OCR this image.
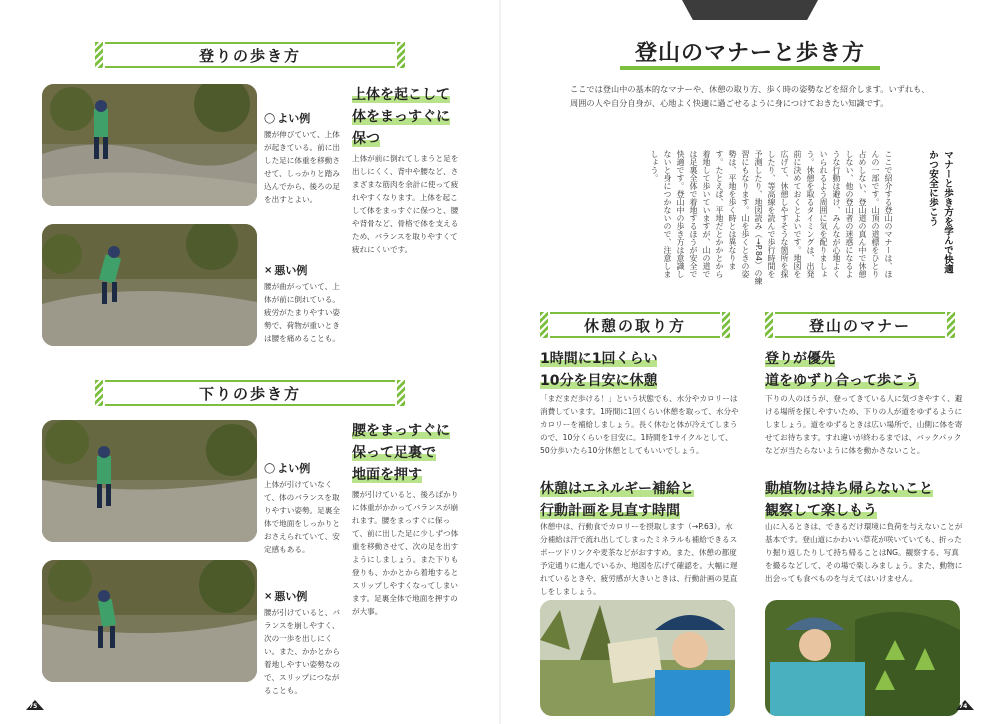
登りの歩き方
◯ よい例
腰が伸びていて、上体が起きている。前に出した足に体重を移動させて、しっかりと踏み込んでから、後ろの足を出すとよい。
× 悪い例
腰が曲がっていて、上体が前に倒れている。疲労がたまりやすい姿勢で、荷物が重いときは腰を痛めることも。
上体を起こして
体をまっすぐに
保つ
上体が前に倒れてしまうと足を出しにくく、背中や腰など、さまざまな筋肉を余計に使って疲れやすくなります。上体を起こして体をまっすぐに保つと、腰や背骨など、骨格で体を支えるため、バランスを取りやすくて疲れにくいです。
下りの歩き方
◯ よい例
上体が引けていなくて、体のバランスを取りやすい姿勢。足裏全体で地面をしっかりとおさえられていて、安定感もある。
× 悪い例
腰が引けていると、バランスを崩しやすく、次の一歩を出しにくい。また、かかとから着地しやすい姿勢なので、スリップにつながることも。
腰をまっすぐに
保って足裏で
地面を押す
腰が引けていると、後ろばかりに体重がかかってバランスが崩れます。腰をまっすぐに保って、前に出した足に少しずつ体重を移動させて、次の足を出すようにしましょう。また下りも登りも、かかとから着地するとスリップしやすくなってしまいます。足裏全体で地面を押すのが大事。
75
登山のマナーと歩き方
ここでは登山中の基本的なマナーや、休憩の取り方、歩く時の姿勢などを紹介します。いずれも、周囲の人や自分自身が、心地よく快適に過ごせるように身につけておきたい知識です。
マナーと歩き方を学んで快適かつ安全に歩こう
ここで紹介する登山のマナーは、ほんの一部です。山頂の道標をひとり占めしない、登山道の真ん中で休憩しない、他の登山者の迷惑になるような行動は避け、みんなが心地よくいられるよう周囲に気を配りましょう。休憩を取るタイミングは、出発前に決めておくとよいです。地図を広げて、休憩しやすそうな箇所を探したり、等高線を読んで歩行時間を予測したり、地図読み（→P.84）の練習にもなります。山を歩くときの姿勢は、平地を歩く時とは異なります。たとえば、平地だとかかとから着地して歩いていますが、山の道では足裏全体で着地するほうが安全で快適です。登山中の歩き方は意識しないと身につかないので、注意しましょう。
休憩の取り方	登山のマナー
1時間に1回くらい
10分を目安に休憩
「まだまだ歩ける！」という状態でも、水分やカロリーは消費しています。1時間に1回くらい休憩を取って、水分やカロリーを補給しましょう。長く休むと体が冷えてしまうので、10分くらいを目安に。1時間を1サイクルとして、50分歩いたら10分休憩としてもいいでしょう。
休憩はエネルギー補給と
行動計画を見直す時間
休憩中は、行動食でカロリーを摂取します（→P.63）。水分補給は汗で流れ出してしまったミネラルも補給できるスポーツドリンクや麦茶などがおすすめ。また、休憩の都度予定通りに進んでいるか、地図を広げて確認を。大幅に遅れているときや、疲労感が大きいときは、行動計画の見直しをしましょう。
登りが優先
道をゆずり合って歩こう
下りの人のほうが、登ってきている人に気づきやすく、避ける場所を探しやすいため、下りの人が道をゆずるようにしましょう。道をゆずるときは広い場所で、山側に体を寄せてお待ちます。すれ違いが終わるまでは、バックパックなどが当たらないように体を動かさないこと。
動植物は持ち帰らないこと
観察して楽しもう
山に入るときは、できるだけ環境に負荷を与えないことが基本です。登山道にかわいい草花が咲いていても、折ったり掘り返したりして持ち帰ることはNG。観察する、写真を撮るなどして、その場で楽しみましょう。また、動物に出会っても食べものを与えてはいけません。
74
